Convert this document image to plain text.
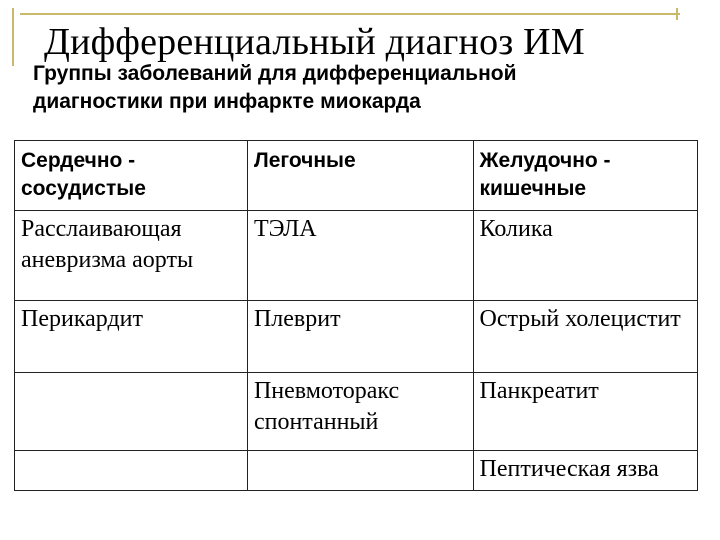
Дифференциальный диагноз ИМ
Группы заболеваний для дифференциальной диагностики при инфаркте миокарда
Сердечно - сосудистые	Легочные	Желудочно - кишечные
Расслаивающая аневризма аорты	ТЭЛА	Колика
Перикардит	Плеврит	Острый холецистит
	Пневмоторакс спонтанный	Панкреатит
		Пептическая язва
